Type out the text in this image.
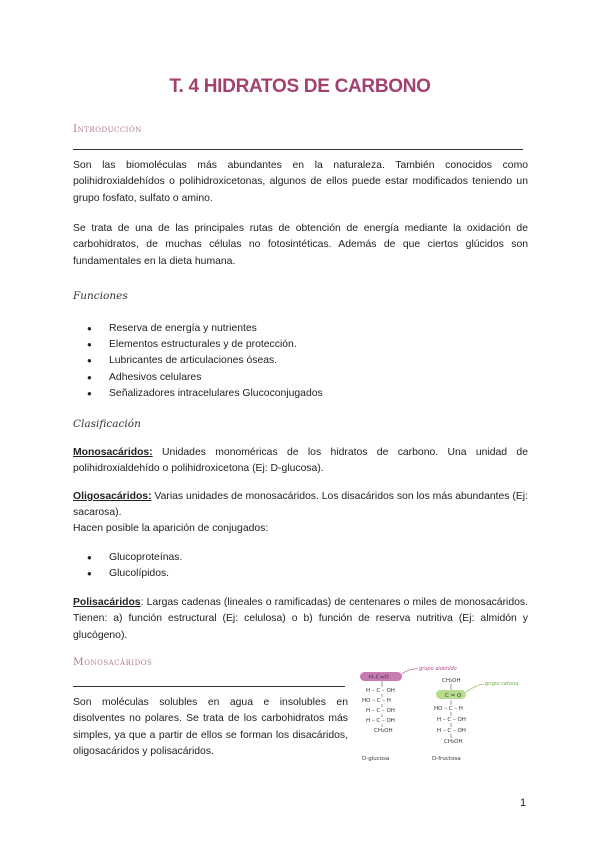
T. 4 HIDRATOS DE CARBONO
Introducción

Son las biomoléculas más abundantes en la naturaleza. También conocidos como polihidroxialdehídos o polihidroxicetonas, algunos de ellos puede estar modificados teniendo un grupo fosfato, sulfato o amino.

Se trata de una de las principales rutas de obtención de energía mediante la oxidación de carbohidratos, de muchas células no fotosintéticas. Además de que ciertos glúcidos son fundamentales en la dieta humana.

Funciones
● Reserva de energía y nutrientes
● Elementos estructurales y de protección.
● Lubricantes de articulaciones óseas.
● Adhesivos celulares
● Señalizadores intracelulares Glucoconjugados
Clasificación

Monosacáridos: Unidades monoméricas de los hidratos de carbono. Una unidad de polihidroxialdehído o polihidroxicetona (Ej: D-glucosa).

Oligosacáridos: Varias unidades de monosacáridos. Los disacáridos son los más abundantes (Ej: sacarosa).

Hacen posible la aparición de conjugados:

● Glucoproteínas.
● Glucolípidos.

Polisacáridos: Largas cadenas (lineales o ramificadas) de centenares o miles de monosacáridos. Tienen: a) función estructural (Ej: celulosa) o b) función de reserva nutritiva (Ej: almidón y glucógeno).

Monosacáridos

Son moléculas solubles en agua e insolubles en disolventes no polares. Se trata de los carbohidratos más simples, ya que a partir de ellos se forman los disacáridos, oligosacáridos y polisacáridos.

grupo aldehído
H–C=O
H – C – OH
HO – C – H
H – C – OH
H – C – OH
CH₂OH
D-glucosa
grupo cetona
CH₂OH
C = O
HO – C – H
H – C – OH
H – C – OH
CH₂OH
D-fructosa
1
